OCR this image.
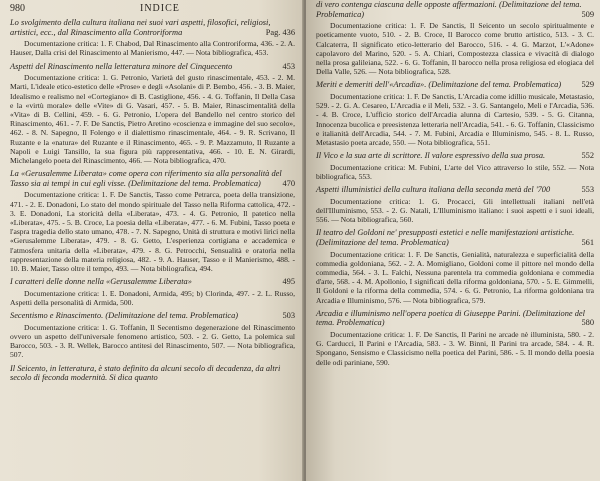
980	INDICE
Lo svolgimento della cultura italiana nei suoi vari aspetti, filosofici, religiosi, artistici, ecc., dal Rinascimento alla Controriforma	Pag. 436
Documentazione critica: 1. F. Chabod, Dal Rinascimento alla Controriforma, 436. - 2. A. Hauser, Dalla crisi del Rinascimento al Manierismo, 447. — Nota bibliografica, 453.
Aspetti del Rinascimento nella letteratura minore del Cinquecento	453
Documentazione critica: 1. G. Petronio, Varietà del gusto rinascimentale, 453. - 2. M. Marti, L'ideale etico-estetico delle «Prose» e degli «Asolani» di P. Bembo, 456. - 3. B. Maier, Idealismo e realismo nel «Cortegiano» di B. Castiglione, 456. - 4. G. Toffanin, Il Della Casa e la «virtù morale» delle «Vite» di G. Vasari, 457. - 5. B. Maier, Rinascimentalità della «Vita» di B. Cellini, 459. - 6. G. Petronio, L'opera del Bandello nel centro storico del Rinascimento, 461. - 7. F. De Sanctis, Pietro Aretino «coscienza e immagine del suo secolo», 462. - 8. N. Sapegno, Il Folengo e il dialettismo rinascimentale, 464. - 9. R. Scrivano, Il Ruzante e la «natura» del Ruzante e il Rinascimento, 465. - 9. P. Mazzamuto, Il Ruzante a Napoli e Luigi Tansillo, la sua figura più rappresentativa, 466. - 10. E. N. Girardi, Michelangelo poeta del Rinascimento, 466. — Nota bibliografica, 470.
La «Gerusalemme Liberata» come opera con riferimento sia alla personalità del Tasso sia ai tempi in cui egli visse. (Delimitazione del tema. Problematica)	470
Documentazione critica: 1. F. De Sanctis, Tasso come Petrarca, poeta della transizione, 471. - 2. E. Donadoni, Lo stato del mondo spirituale del Tasso nella Riforma cattolica, 472. - 3. E. Donadoni, La storicità della «Liberata», 473. - 4. G. Petronio, Il patetico nella «Liberata», 475. - 5. B. Croce, La poesia della «Liberata», 477. - 6. M. Fubini, Tasso poeta e l'aspra tragedia dello stato umano, 478. - 7. N. Sapegno, Unità di struttura e motivi lirici nella «Gerusalemme Liberata», 479. - 8. G. Getto, L'esperienza cortigiana e accademica e l'atmosfera unitaria della «Liberata», 479. - 8. G. Petrocchi, Sensualità e oratoria nella rappresentazione della materia religiosa, 482. - 9. A. Hauser, Tasso e il Manierismo, 488. - 10. B. Maier, Tasso oltre il tempo, 493. — Nota bibliografica, 494.
I caratteri delle donne nella «Gerusalemme Liberata»	495
Documentazione critica: 1. E. Donadoni, Armida, 495; b) Clorinda, 497. - 2. L. Russo, Aspetti della personalità di Armida, 500.
Secentismo e Rinascimento. (Delimitazione del tema. Problematica)	503
Documentazione critica: 1. G. Toffanin, Il Secentismo degenerazione del Rinascimento ovvero un aspetto dell'universale fenomeno artistico, 503. - 2. G. Getto, La polemica sul Barocco, 503. - 3. R. Wellek, Barocco antitesi del Rinascimento, 507. — Nota bibliografica, 507.
Il Seicento, in letteratura, è stato definito da alcuni secolo di decadenza, da altri secolo di feconda modernità. Si dica quanto
di vero contenga ciascuna delle opposte affermazioni. (Delimitazione del tema. Problematica)	509
Documentazione critica: 1. F. De Sanctis, Il Seicento un secolo spiritualmente e poeticamente vuoto, 510. - 2. B. Croce, Il Barocco come brutto artistico, 513. - 3. C. Calcaterra, Il significato etico-letterario del Barocco, 516. - 4. G. Marzot, L'«Adone» capolavoro del Marino, 520. - 5. A. Chiari, Compostezza classica e vivacità di dialogo nella prosa galileiana, 522. - 6. G. Toffanin, Il barocco nella prosa religiosa ed elogiaca del Della Valle, 526. — Nota bibliografica, 528.
Meriti e demeriti dell'«Arcadia». (Delimitazione del tema. Problematica) 529
Documentazione critica: 1. F. De Sanctis, L'Arcadia come idillio musicale, Metastasio, 529. - 2. G. A. Cesareo, L'Arcadia e il Meli, 532. - 3. G. Santangelo, Meli e l'Arcadia, 536. - 4. B. Croce, L'ufficio storico dell'Arcadia alunna di Cartesio, 539. - 5. G. Citanna, Innocenza bucolica e preesistenza letteraria nell'Arcadia, 541. - 6. G. Toffanin, Classicismo e italianità dell'Arcadia, 544. - 7. M. Fubini, Arcadia e Illuminismo, 545. - 8. L. Russo, Metastasio poeta arcade, 550. — Nota bibliografica, 551.
Il Vico e la sua arte di scrittore. Il valore espressivo della sua prosa.	552
Documentazione critica: M. Fubini, L'arte del Vico attraverso lo stile, 552. — Nota bibliografica, 553.
Aspetti illuministici della cultura italiana della seconda metà del '700	553
Documentazione critica: 1. G. Procacci, Gli intellettuali italiani nell'età dell'Illuminismo, 553. - 2. G. Natali, L'Illuminismo italiano: i suoi aspetti e i suoi ideali, 556. — Nota bibliografica, 560.
Il teatro del Goldoni ne' presupposti estetici e nelle manifestazioni artistiche. (Delimitazione del tema. Problematica)	561
Documentazione critica: 1. F. De Sanctis, Genialità, naturalezza e superficialità della commedia goldoniana, 562. - 2. A. Momigliano, Goldoni come il pittore nel mondo della commedia, 564. - 3. L. Falchi, Nessuna parentela tra commedia goldoniana e commedia d'arte, 568. - 4. M. Apollonio, I significati della riforma goldoniana, 570. - 5. E. Gimmelli, Il Goldoni e la riforma della commedia, 574. - 6. G. Petronio, La riforma goldoniana tra Arcadia e Illuminismo, 576. — Nota bibliografica, 579.
Arcadia e illuminismo nell'opera poetica di Giuseppe Parini. (Delimitazione del tema. Problematica)	580
Documentazione critica: 1. F. De Sanctis, Il Parini ne arcade nè illuminista, 580. - 2. G. Carducci, Il Parini e l'Arcadia, 583. - 3. W. Binni, Il Parini tra arcade, 584. - 4. R. Spongano, Sensismo e Classicismo nella poetica del Parini, 586. - 5. Il mondo della poesia delle odi pariniane, 590.
